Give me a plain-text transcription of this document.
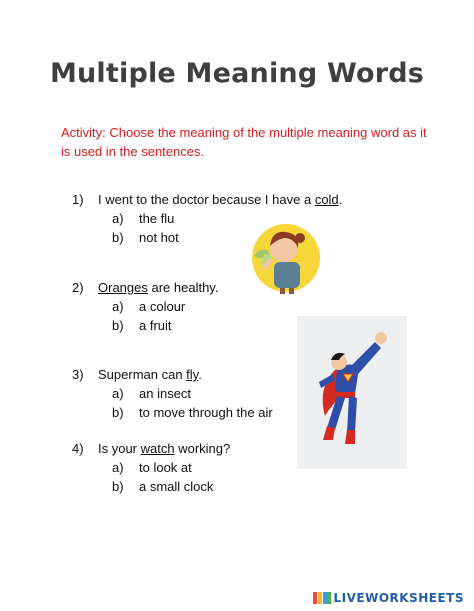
Multiple Meaning Words
Activity: Choose the meaning of the multiple meaning word as it is used in the sentences.
1) I went to the doctor because I have a cold.
a) the flu
b) not hot
2) Oranges are healthy.
a) a colour
b) a fruit
3) Superman can fly.
a) an insect
b) to move through the air
4) Is your watch working?
a) to look at
b) a small clock
LIVEWORKSHEETS
